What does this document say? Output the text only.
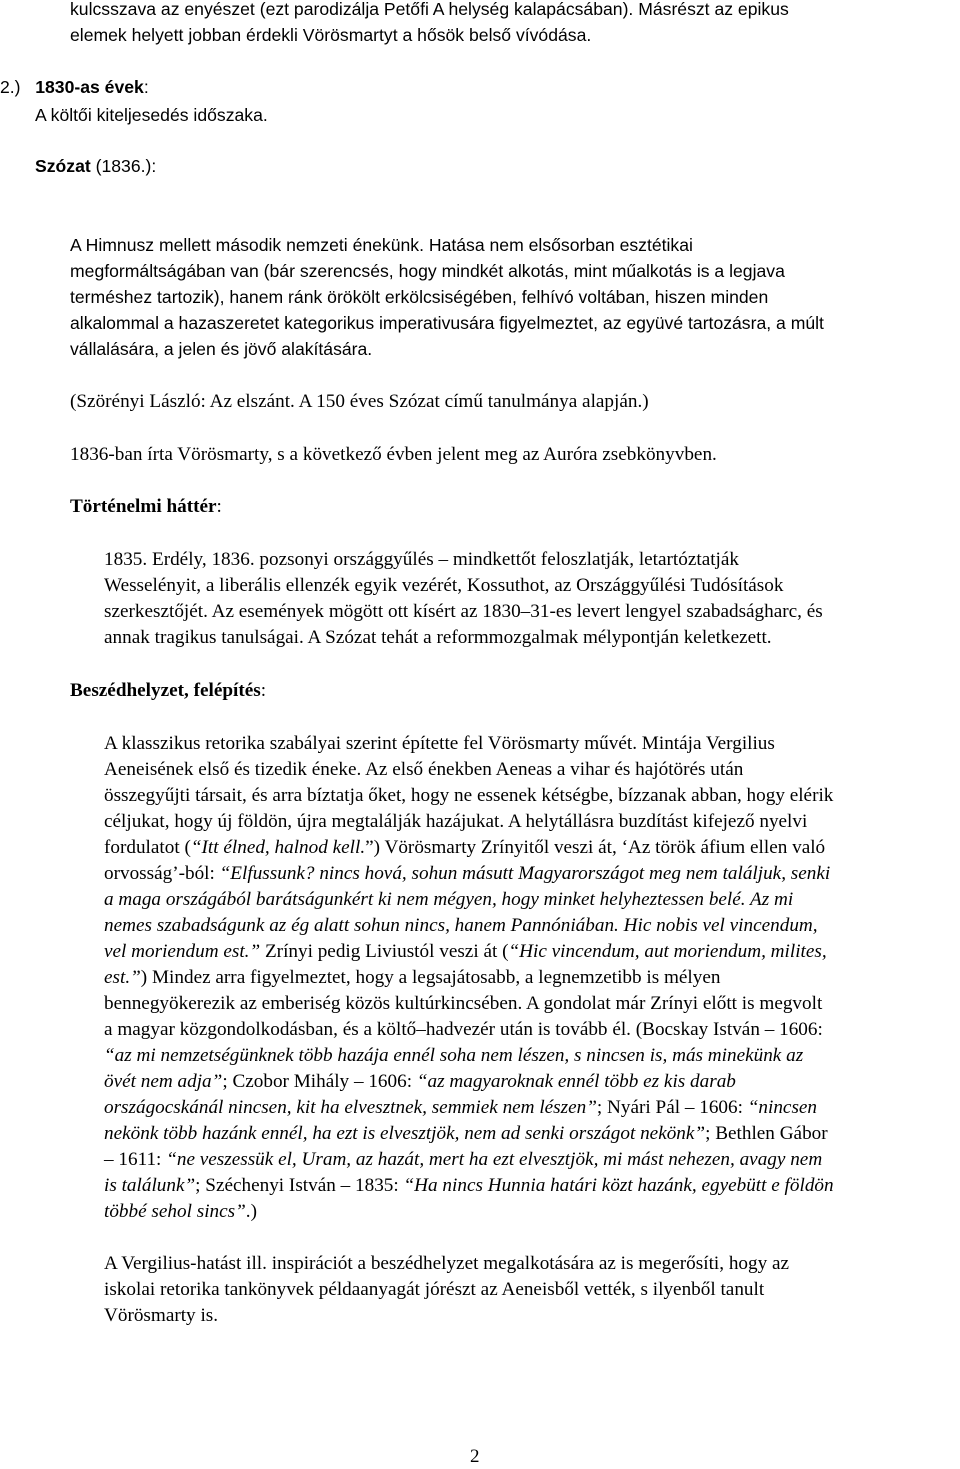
kulcsszava az enyészet (ezt parodizálja Petőfi A helység kalapácsában). Másrészt az epikus
elemek helyett jobban érdekli Vörösmartyt a hősök belső vívódása.
2.) 1830-as évek:
A költői kiteljesedés időszaka.
Szózat (1836.):
A Himnusz mellett második nemzeti énekünk. Hatása nem elsősorban esztétikai
megformáltságában van (bár szerencsés, hogy mindkét alkotás, mint műalkotás is a legjava
terméshez tartozik), hanem ránk örökölt erkölcsiségében, felhívó voltában, hiszen minden
alkalommal a hazaszeretet kategorikus imperativusára figyelmeztet, az együvé tartozásra, a múlt
vállalására, a jelen és jövő alakítására.
(Szörényi László: Az elszánt. A 150 éves Szózat című tanulmánya alapján.)
1836-ban írta Vörösmarty, s a következő évben jelent meg az Auróra zsebkönyvben.
Történelmi háttér:
1835. Erdély, 1836. pozsonyi országgyűlés – mindkettőt feloszlatják, letartóztatják
Wesselényit, a liberális ellenzék egyik vezérét, Kossuthot, az Országgyűlési Tudósítások
szerkesztőjét. Az események mögött ott kísért az 1830–31-es levert lengyel szabadságharc, és
annak tragikus tanulságai. A Szózat tehát a reformmozgalmak mélypontján keletkezett.
Beszédhelyzet, felépítés:
A klasszikus retorika szabályai szerint építette fel Vörösmarty művét. Mintája Vergilius
Aeneisének első és tizedik éneke. Az első énekben Aeneas a vihar és hajótörés után
összegyűjti társait, és arra bíztatja őket, hogy ne essenek kétségbe, bízzanak abban, hogy elérik
céljukat, hogy új földön, újra megtalálják hazájukat. A helytállásra buzdítást kifejező nyelvi
fordulatot (“Itt élned, halnod kell.”) Vörösmarty Zrínyitől veszi át, ‘Az török áfium ellen való
orvosság’-ból: “Elfussunk? nincs hová, sohun másutt Magyarországot meg nem találjuk, senki
a maga országából barátságunkért ki nem mégyen, hogy minket helyheztessen belé. Az mi
nemes szabadságunk az ég alatt sohun nincs, hanem Pannóniában. Hic nobis vel vincendum,
vel moriendum est.” Zrínyi pedig Liviustól veszi át (“Hic vincendum, aut moriendum, milites,
est.”) Mindez arra figyelmeztet, hogy a legsajátosabb, a legnemzetibb is mélyen
bennegyökerezik az emberiség közös kultúrkincsében. A gondolat már Zrínyi előtt is megvolt
a magyar közgondolkodásban, és a költő–hadvezér után is tovább él. (Bocskay István – 1606:
“az mi nemzetségünknek több hazája ennél soha nem lészen, s nincsen is, más minekünk az
övét nem adja”; Czobor Mihály – 1606: “az magyaroknak ennél több ez kis darab
országocskánál nincsen, kit ha elvesztnek, semmiek nem lészen”; Nyári Pál – 1606: “nincsen
nekönk több hazánk ennél, ha ezt is elvesztjök, nem ad senki országot nekönk”; Bethlen Gábor
– 1611: “ne veszessük el, Uram, az hazát, mert ha ezt elvesztjök, mi mást nehezen, avagy nem
is találunk”; Széchenyi István – 1835: “Ha nincs Hunnia határi közt hazánk, egyebütt e földön
többé sehol sincs”.)
A Vergilius-hatást ill. inspirációt a beszédhelyzet megalkotására az is megerősíti, hogy az
iskolai retorika tankönyvek példaanyagát jórészt az Aeneisből vették, s ilyenből tanult
Vörösmarty is.
2
